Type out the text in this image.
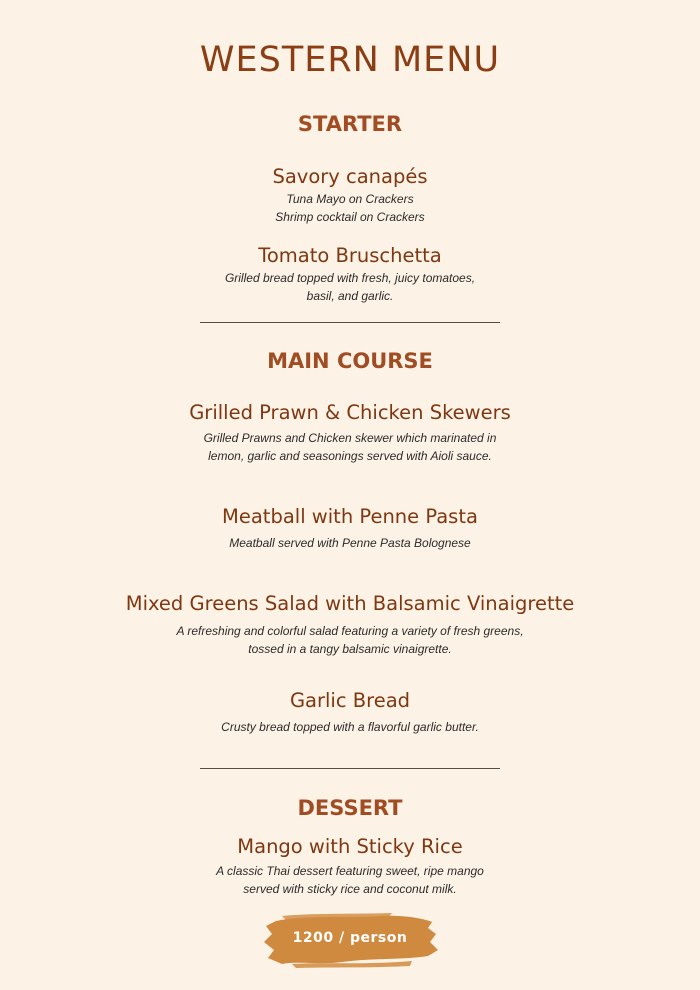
WESTERN MENU
STARTER
Savory canapés
Tuna Mayo on Crackers
Shrimp cocktail on Crackers
Tomato Bruschetta
Grilled bread topped with fresh, juicy tomatoes,
basil, and garlic.
MAIN COURSE
Grilled Prawn & Chicken Skewers
Grilled Prawns and Chicken skewer which marinated in
lemon, garlic and seasonings served with Aioli sauce.
Meatball with Penne Pasta
Meatball served with Penne Pasta Bolognese
Mixed Greens Salad with Balsamic Vinaigrette
A refreshing and colorful salad featuring a variety of fresh greens,
tossed in a tangy balsamic vinaigrette.
Garlic Bread
Crusty bread topped with a flavorful garlic butter.
DESSERT
Mango with Sticky Rice
A classic Thai dessert featuring sweet, ripe mango
served with sticky rice and coconut milk.
1200 / person
